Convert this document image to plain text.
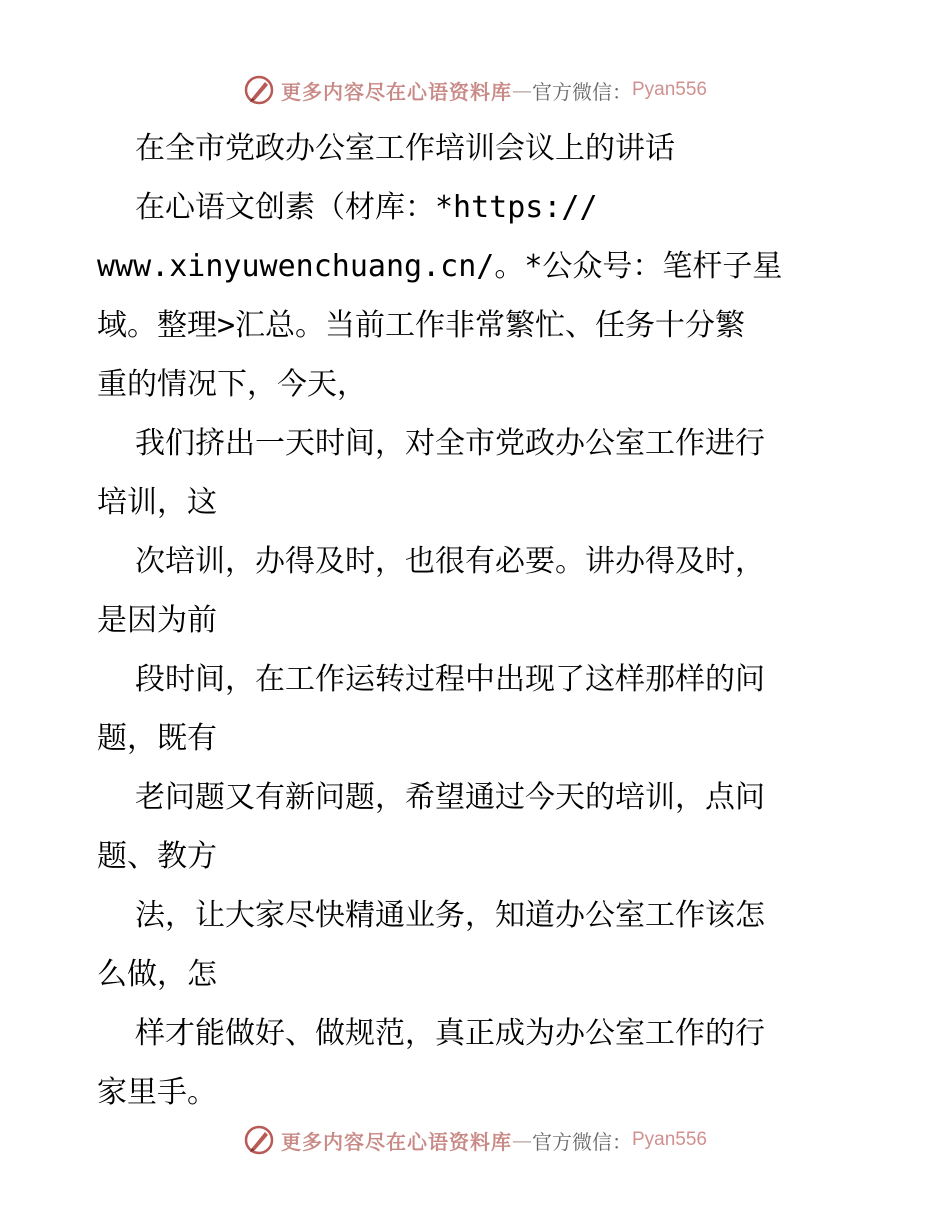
更多内容尽在心语资料库 — 官方微信： Pyan556
在全市党政办公室工作培训会议上的讲话
在心语文创素（材库：*https://
www.xinyuwenchuang.cn/。*公众号：笔杆子星
域。整理>汇总。当前工作非常繁忙、任务十分繁
重的情况下，今天，
我们挤出一天时间，对全市党政办公室工作进行
培训，这
次培训，办得及时，也很有必要。讲办得及时，
是因为前
段时间，在工作运转过程中出现了这样那样的问
题，既有
老问题又有新问题，希望通过今天的培训，点问
题、教方
法，让大家尽快精通业务，知道办公室工作该怎
么做，怎
样才能做好、做规范，真正成为办公室工作的行
家里手。
更多内容尽在心语资料库 — 官方微信： Pyan556
